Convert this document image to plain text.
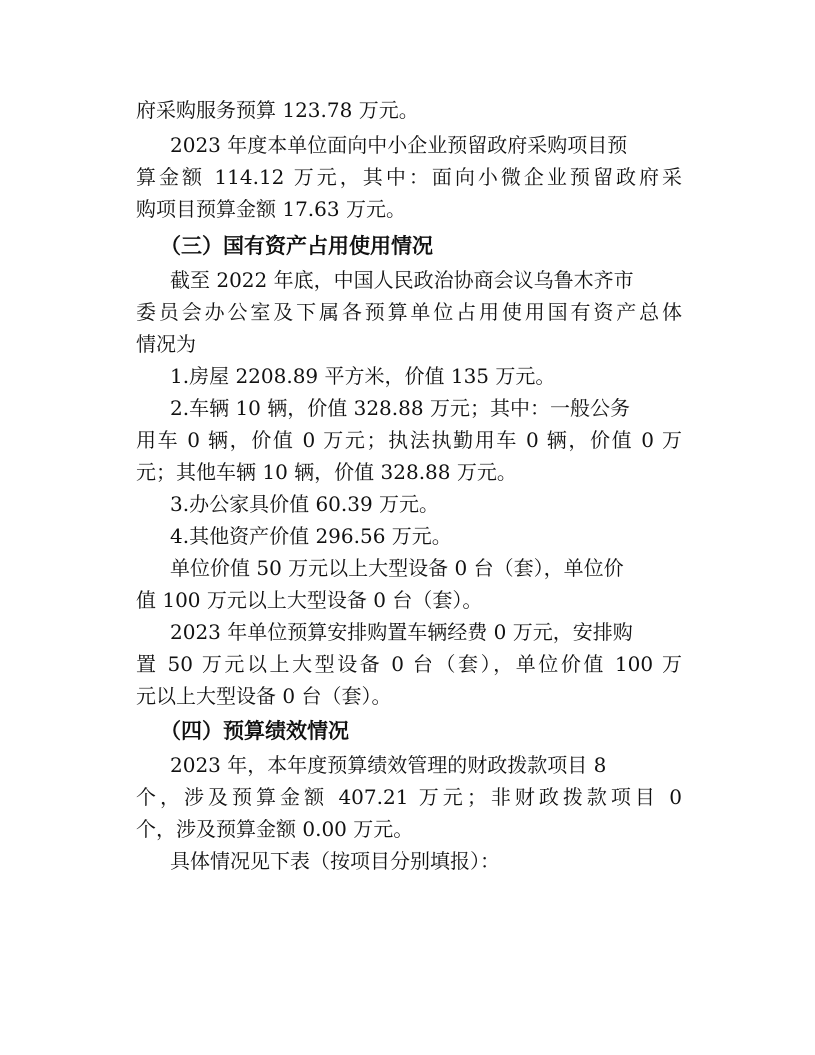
府采购服务预算 123.78 万元。
2023 年度本单位面向中小企业预留政府采购项目预
算金额 114.12 万元，其中：面向小微企业预留政府采
购项目预算金额 17.63 万元。
（三）国有资产占用使用情况
截至 2022 年底，中国人民政治协商会议乌鲁木齐市
委员会办公室及下属各预算单位占用使用国有资产总体
情况为
1.房屋 2208.89 平方米，价值 135 万元。
2.车辆 10 辆，价值 328.88 万元；其中：一般公务
用车 0 辆，价值 0 万元；执法执勤用车 0 辆，价值 0 万
元；其他车辆 10 辆，价值 328.88 万元。
3.办公家具价值 60.39 万元。
4.其他资产价值 296.56 万元。
单位价值 50 万元以上大型设备 0 台（套），单位价
值 100 万元以上大型设备 0 台（套）。
2023 年单位预算安排购置车辆经费 0 万元，安排购
置 50 万元以上大型设备 0 台（套），单位价值 100 万
元以上大型设备 0 台（套）。
（四）预算绩效情况
2023 年，本年度预算绩效管理的财政拨款项目 8
个，涉及预算金额 407.21 万元；非财政拨款项目 0
个，涉及预算金额 0.00 万元。
具体情况见下表（按项目分别填报）：
